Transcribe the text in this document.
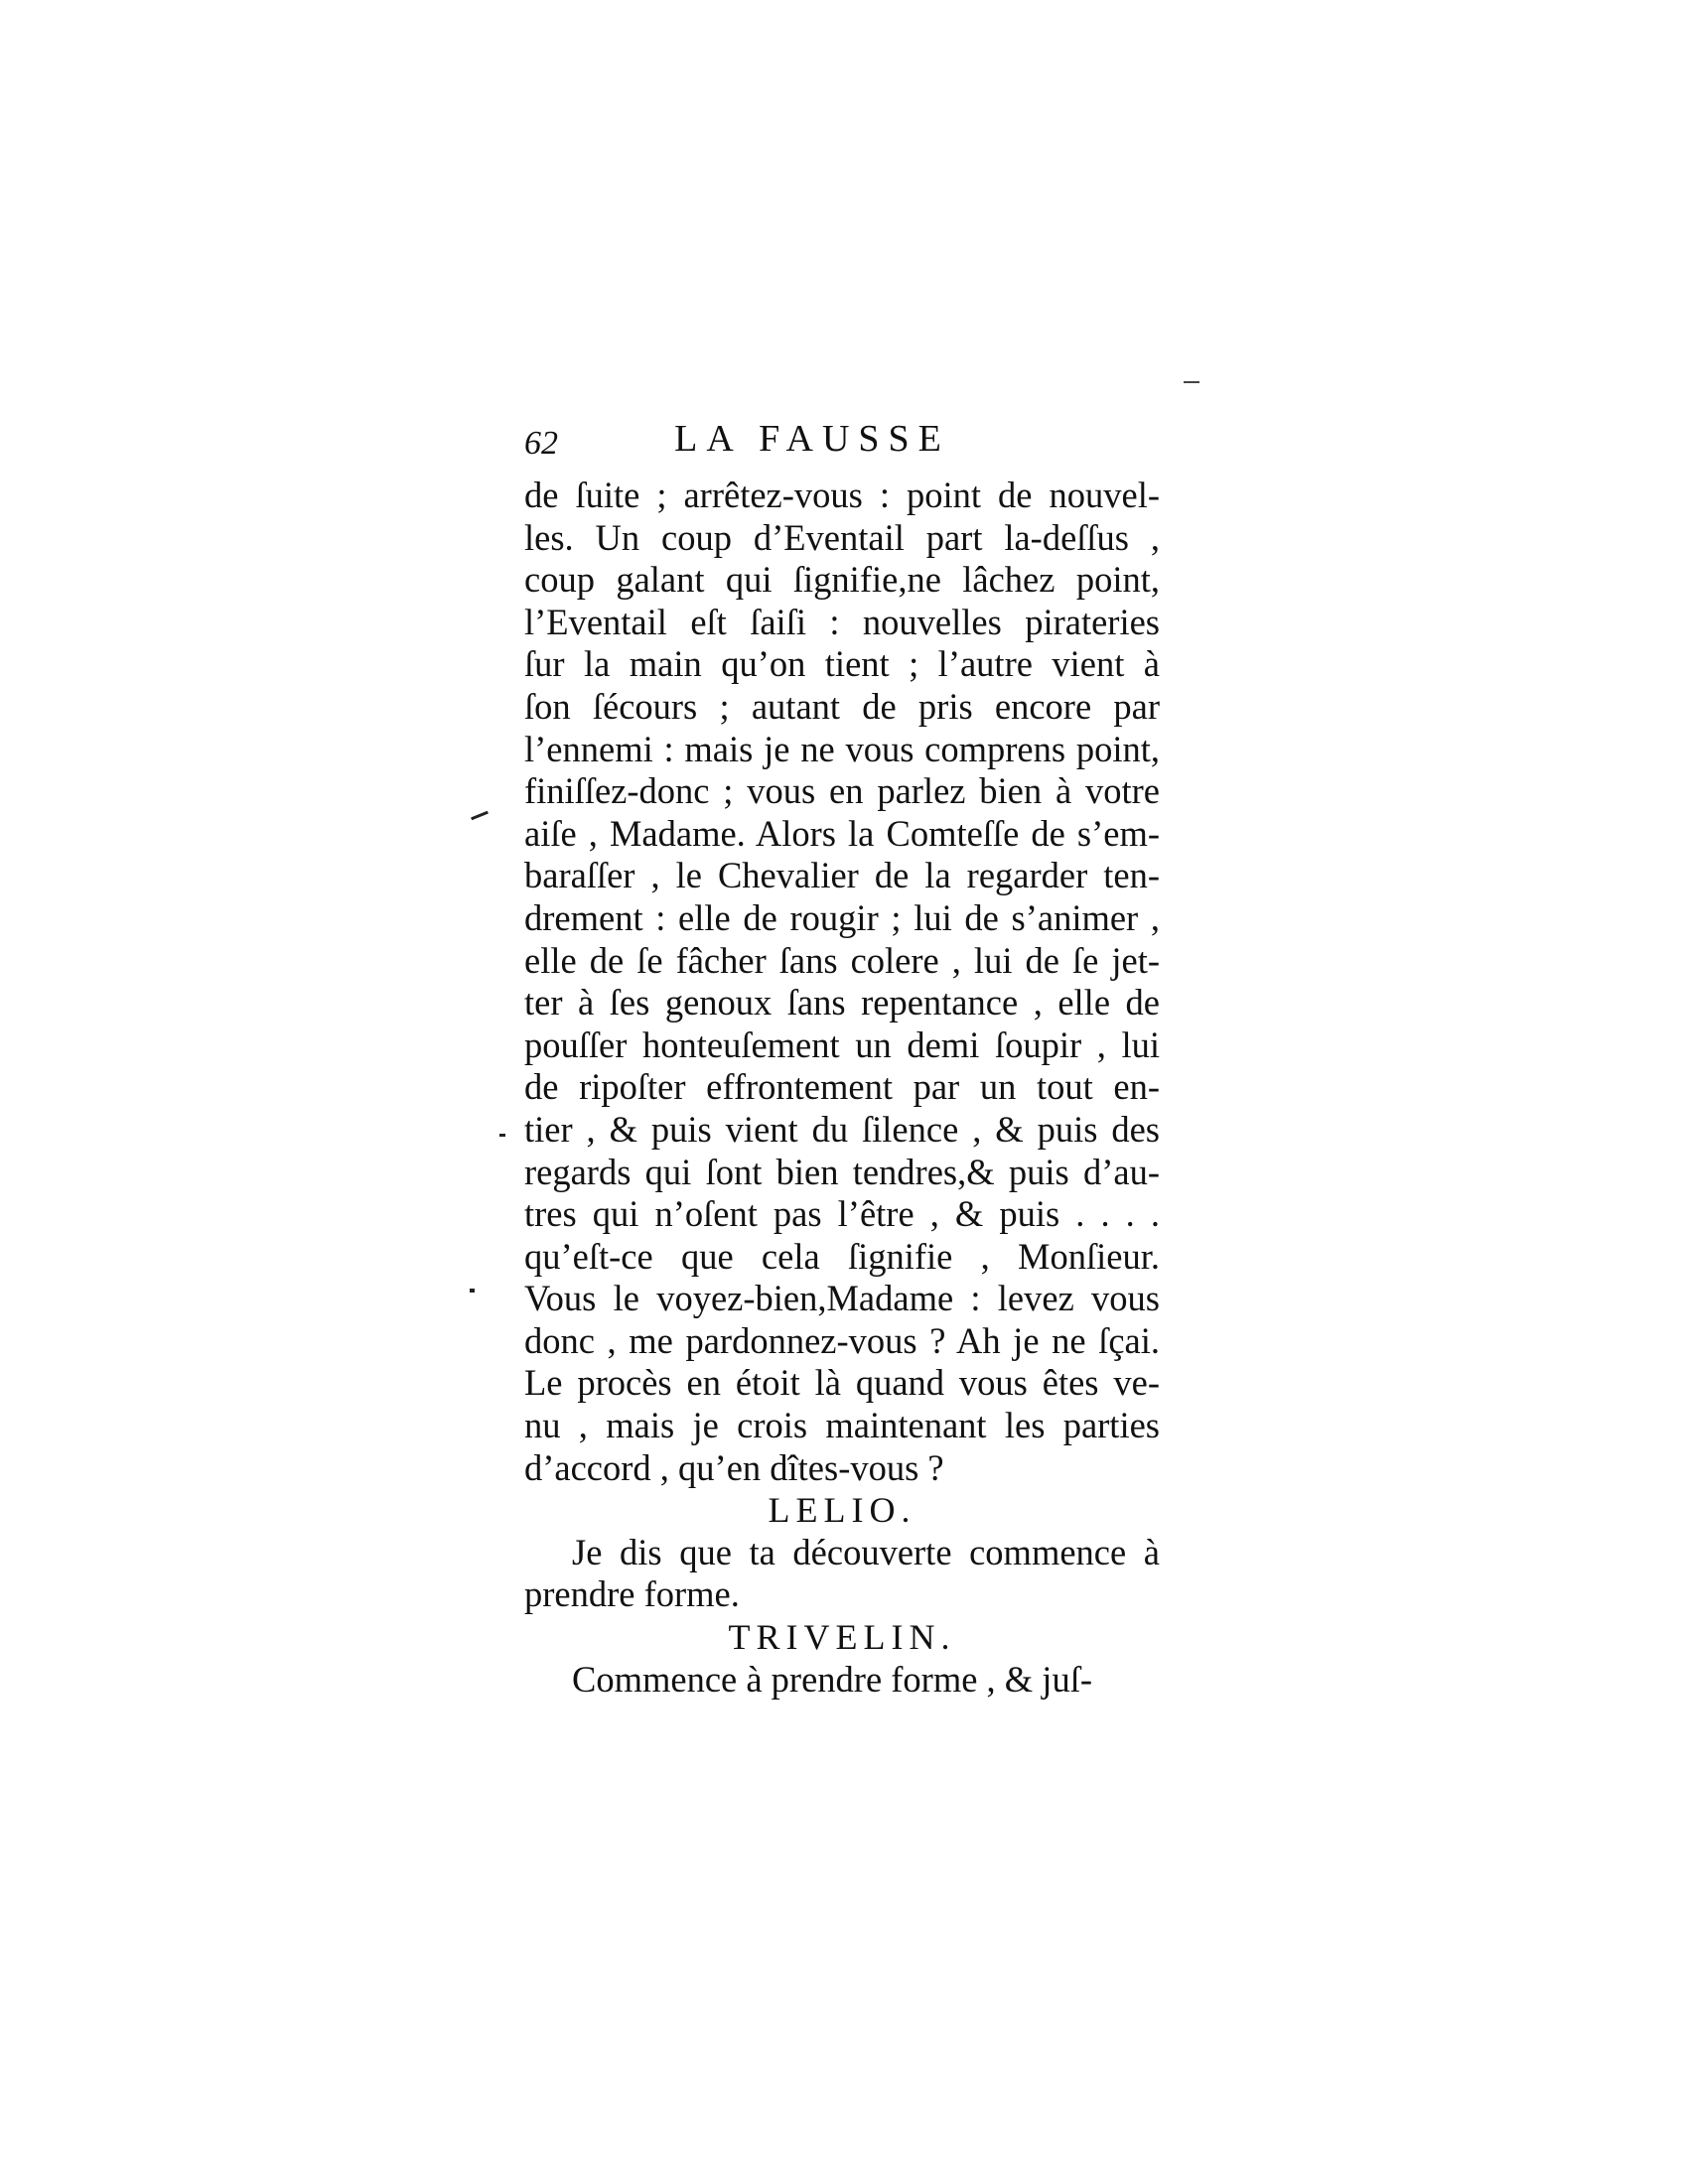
62	LA FAUSSE
de ſuite ; arrêtez-vous : point de nouvel-
les. Un coup d’Eventail part la-deſſus ,
coup galant qui ſignifie,ne lâchez point,
l’Eventail eſt ſaiſi : nouvelles pirateries
ſur la main qu’on tient ; l’autre vient à
ſon ſécours ; autant de pris encore par
l’ennemi : mais je ne vous comprens point,
finiſſez-donc ; vous en parlez bien à votre
aiſe , Madame. Alors la Comteſſe de s’em-
baraſſer , le Chevalier de la regarder ten-
drement : elle de rougir ; lui de s’animer ,
elle de ſe fâcher ſans colere , lui de ſe jet-
ter à ſes genoux ſans repentance , elle de
pouſſer honteuſement un demi ſoupir , lui
de ripoſter effrontement par un tout en-
tier , & puis vient du ſilence , & puis des
regards qui ſont bien tendres,& puis d’au-
tres qui n’oſent pas l’être , & puis . . . .
qu’eſt-ce que cela ſignifie , Monſieur.
Vous le voyez-bien,Madame : levez vous
donc , me pardonnez-vous ? Ah je ne ſçai.
Le procès en étoit là quand vous êtes ve-
nu , mais je crois maintenant les parties
d’accord , qu’en dîtes-vous ?
LELIO.
Je dis que ta découverte commence à
prendre forme.
TRIVELIN.
Commence à prendre forme , & juſ-
